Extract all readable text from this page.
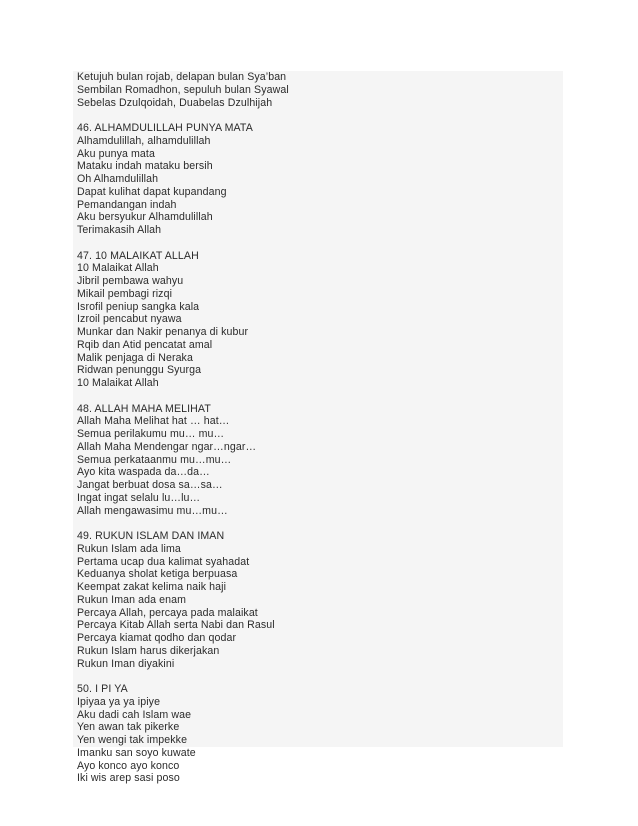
Ketujuh bulan rojab, delapan bulan Sya’ban
Sembilan Romadhon, sepuluh bulan Syawal
Sebelas Dzulqoidah, Duabelas Dzulhijah
46. ALHAMDULILLAH PUNYA MATA
Alhamdulillah, alhamdulillah
Aku punya mata
Mataku indah mataku bersih
Oh Alhamdulillah
Dapat kulihat dapat kupandang
Pemandangan indah
Aku bersyukur Alhamdulillah
Terimakasih Allah
47. 10 MALAIKAT ALLAH
10 Malaikat Allah
Jibril pembawa wahyu
Mikail pembagi rizqi
Isrofil peniup sangka kala
Izroil pencabut nyawa
Munkar dan Nakir penanya di kubur
Rqib dan Atid pencatat amal
Malik penjaga di Neraka
Ridwan penunggu Syurga
10 Malaikat Allah
48. ALLAH MAHA MELIHAT
Allah Maha Melihat hat … hat…
Semua perilakumu mu… mu…
Allah Maha Mendengar ngar…ngar…
Semua perkataanmu mu…mu…
Ayo kita waspada da…da…
Jangat berbuat dosa sa…sa…
Ingat ingat selalu lu…lu…
Allah mengawasimu mu…mu…
49. RUKUN ISLAM DAN IMAN
Rukun Islam ada lima
Pertama ucap dua kalimat syahadat
Keduanya sholat ketiga berpuasa
Keempat zakat kelima naik haji
Rukun Iman ada enam
Percaya Allah, percaya pada malaikat
Percaya Kitab Allah serta Nabi dan Rasul
Percaya kiamat qodho dan qodar
Rukun Islam harus dikerjakan
Rukun Iman diyakini
50. I PI YA
Ipiyaa ya ya ipiye
Aku dadi cah Islam wae
Yen awan tak pikerke
Yen wengi tak impekke
Imanku san soyo kuwate
Ayo konco ayo konco
Iki wis arep sasi poso
